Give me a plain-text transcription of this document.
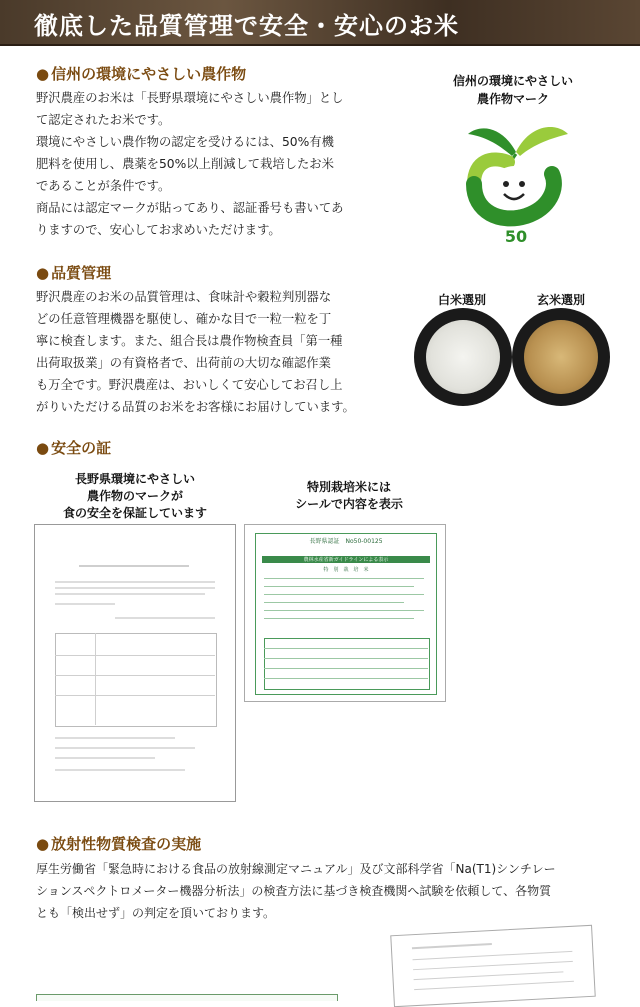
徹底した品質管理で安全・安心のお米
● 信州の環境にやさしい農作物

野沢農産のお米は「長野県環境にやさしい農作物」とし

て認定されたお米です。

環境にやさしい農作物の認定を受けるには、50%有機

肥料を使用し、農薬を50%以上削減して栽培したお米

であることが条件です。

商品には認定マークが貼ってあり、認証番号も書いてあ

りますので、安心してお求めいただけます。

信州の環境にやさしい
農作物マーク
50
● 品質管理

野沢農産のお米の品質管理は、食味計や穀粒判別器な

どの任意管理機器を駆使し、確かな目で一粒一粒を丁

寧に検査します。また、組合長は農作物検査員「第一種

出荷取扱業」の有資格者で、出荷前の大切な確認作業

も万全です。野沢農産は、おいしくて安心してお召し上

がりいただける品質のお米をお客様にお届けしています。

白米選別	玄米選別
● 安全の証
長野県環境にやさしい
農作物のマークが
食の安全を保証しています
特別栽培米には
シールで内容を表示
長野県認証　No50-00125
農林水産省新ガイドラインによる表示
特　別　栽　培　米
● 放射性物質検査の実施

厚生労働省「緊急時における食品の放射線測定マニュアル」及び文部科学省「Na(T1)シンチレー

ションスペクトロメーター機器分析法」の検査方法に基づき検査機関へ試験を依頼して、各物質

とも「検出せず」の判定を頂いております。
